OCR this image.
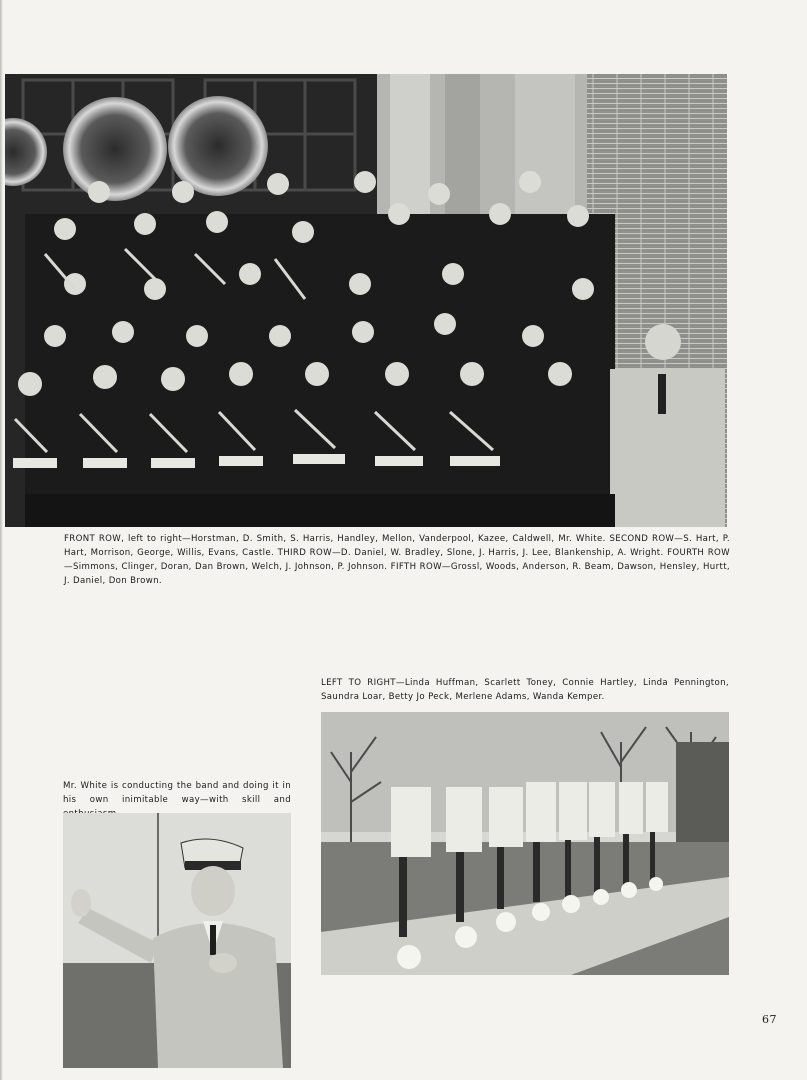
FRONT ROW, left to right—Horstman, D. Smith, S. Harris, Handley, Mellon, Vanderpool, Kazee, Caldwell, Mr. White. SECOND ROW—S. Hart, P. Hart, Morrison, George, Willis, Evans, Castle. THIRD ROW—D. Daniel, W. Bradley, Slone, J. Harris, J. Lee, Blankenship, A. Wright. FOURTH ROW—Simmons, Clinger, Doran, Dan Brown, Welch, J. Johnson, P. Johnson. FIFTH ROW—Grossl, Woods, Anderson, R. Beam, Dawson, Hensley, Hurtt, J. Daniel, Don Brown.

LEFT TO RIGHT—Linda Huffman, Scarlett Toney, Connie Hartley, Linda Pennington, Saundra Loar, Betty Jo Peck, Merlene Adams, Wanda Kemper.

Mr. White is conducting the band and doing it in his own inimitable way—with skill and

67
